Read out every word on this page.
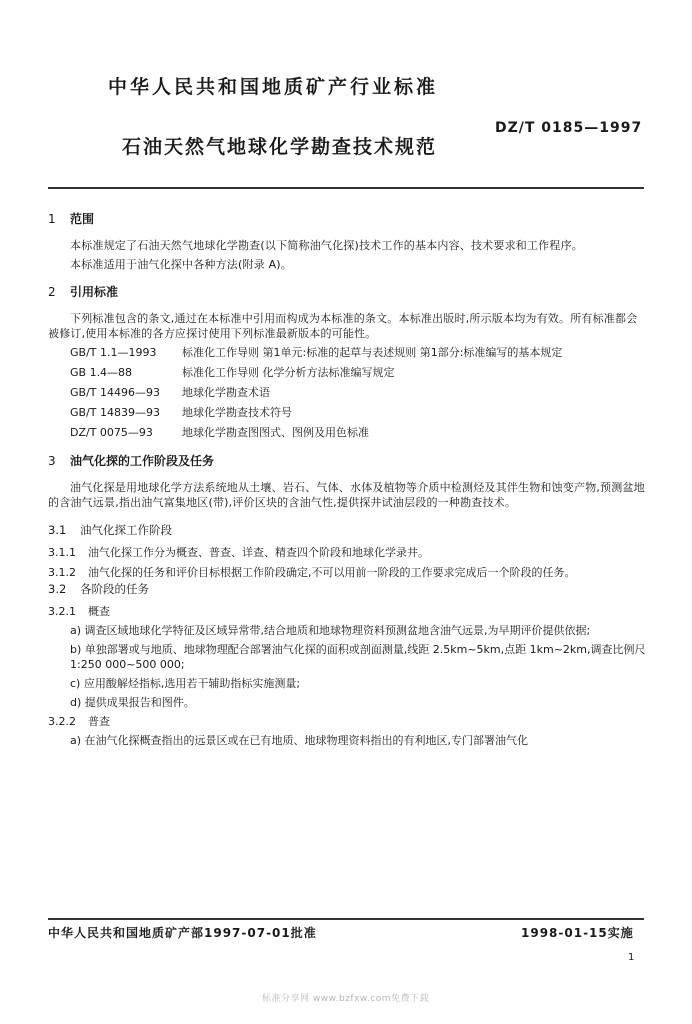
中华人民共和国地质矿产行业标准
DZ/T 0185—1997
石油天然气地球化学勘查技术规范

1 范围

本标准规定了石油天然气地球化学勘查(以下简称油气化探)技术工作的基本内容、技术要求和工作程序。

本标准适用于油气化探中各种方法(附录 A)。

2 引用标准

下列标准包含的条文,通过在本标准中引用而构成为本标准的条文。本标准出版时,所示版本均为有效。所有标准都会被修订,使用本标准的各方应探讨使用下列标准最新版本的可能性。

GB/T 1.1—1993	标准化工作导则 第1单元:标准的起草与表述规则 第1部分:标准编写的基本规定
GB 1.4—88	标准化工作导则 化学分析方法标准编写规定
GB/T 14496—93	地球化学勘查术语
GB/T 14839—93	地球化学勘查技术符号
DZ/T 0075—93	地球化学勘查图图式、图例及用色标准

3 油气化探的工作阶段及任务

油气化探是用地球化学方法系统地从土壤、岩石、气体、水体及植物等介质中检测烃及其伴生物和蚀变产物,预测盆地的含油气远景,指出油气富集地区(带),评价区块的含油气性,提供探井试油层段的一种勘查技术。

3.1 油气化探工作阶段

3.1.1 油气化探工作分为概查、普查、详查、精查四个阶段和地球化学录井。

3.1.2 油气化探的任务和评价目标根据工作阶段确定,不可以用前一阶段的工作要求完成后一个阶段的任务。

3.2 各阶段的任务

3.2.1 概查

a) 调查区域地球化学特征及区域异常带,结合地质和地球物理资料预测盆地含油气远景,为早期评价提供依据;

b) 单独部署或与地质、地球物理配合部署油气化探的面积或剖面测量,线距 2.5km~5km,点距 1km~2km,调查比例尺 1:250 000~500 000;

c) 应用酸解烃指标,选用若干辅助指标实施测量;

d) 提供成果报告和图件。

3.2.2 普查

a) 在油气化探概查指出的远景区或在已有地质、地球物理资料指出的有利地区,专门部署油气化

中华人民共和国地质矿产部1997-07-01批准	1998-01-15实施
1
标准分享网 www.bzfxw.com免费下载
